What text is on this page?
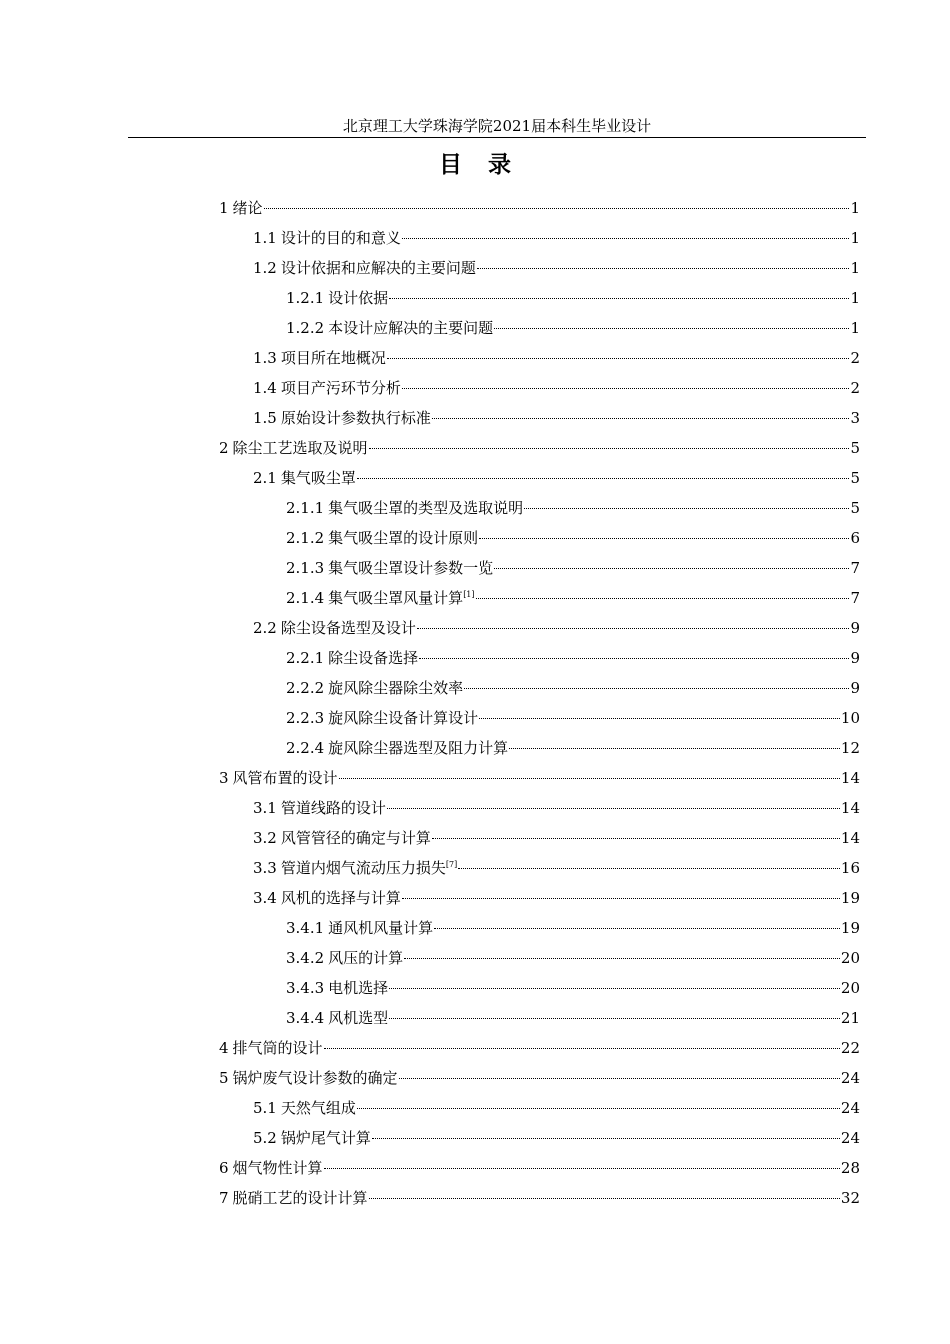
北京理工大学珠海学院2021届本科生毕业设计
目录
1 绪论	1
1.1 设计的目的和意义	1
1.2 设计依据和应解决的主要问题	1
1.2.1 设计依据	1
1.2.2 本设计应解决的主要问题	1
1.3 项目所在地概况	2
1.4 项目产污环节分析	2
1.5 原始设计参数执行标准	3
2 除尘工艺选取及说明	5
2.1 集气吸尘罩	5
2.1.1 集气吸尘罩的类型及选取说明	5
2.1.2 集气吸尘罩的设计原则	6
2.1.3 集气吸尘罩设计参数一览	7
2.1.4 集气吸尘罩风量计算[1]	7
2.2 除尘设备选型及设计	9
2.2.1 除尘设备选择	9
2.2.2 旋风除尘器除尘效率	9
2.2.3 旋风除尘设备计算设计	10
2.2.4 旋风除尘器选型及阻力计算	12
3 风管布置的设计	14
3.1 管道线路的设计	14
3.2 风管管径的确定与计算	14
3.3 管道内烟气流动压力损失[7]	16
3.4 风机的选择与计算	19
3.4.1 通风机风量计算	19
3.4.2 风压的计算	20
3.4.3 电机选择	20
3.4.4 风机选型	21
4 排气筒的设计	22
5 锅炉废气设计参数的确定	24
5.1 天然气组成	24
5.2 锅炉尾气计算	24
6 烟气物性计算	28
7 脱硝工艺的设计计算	32
